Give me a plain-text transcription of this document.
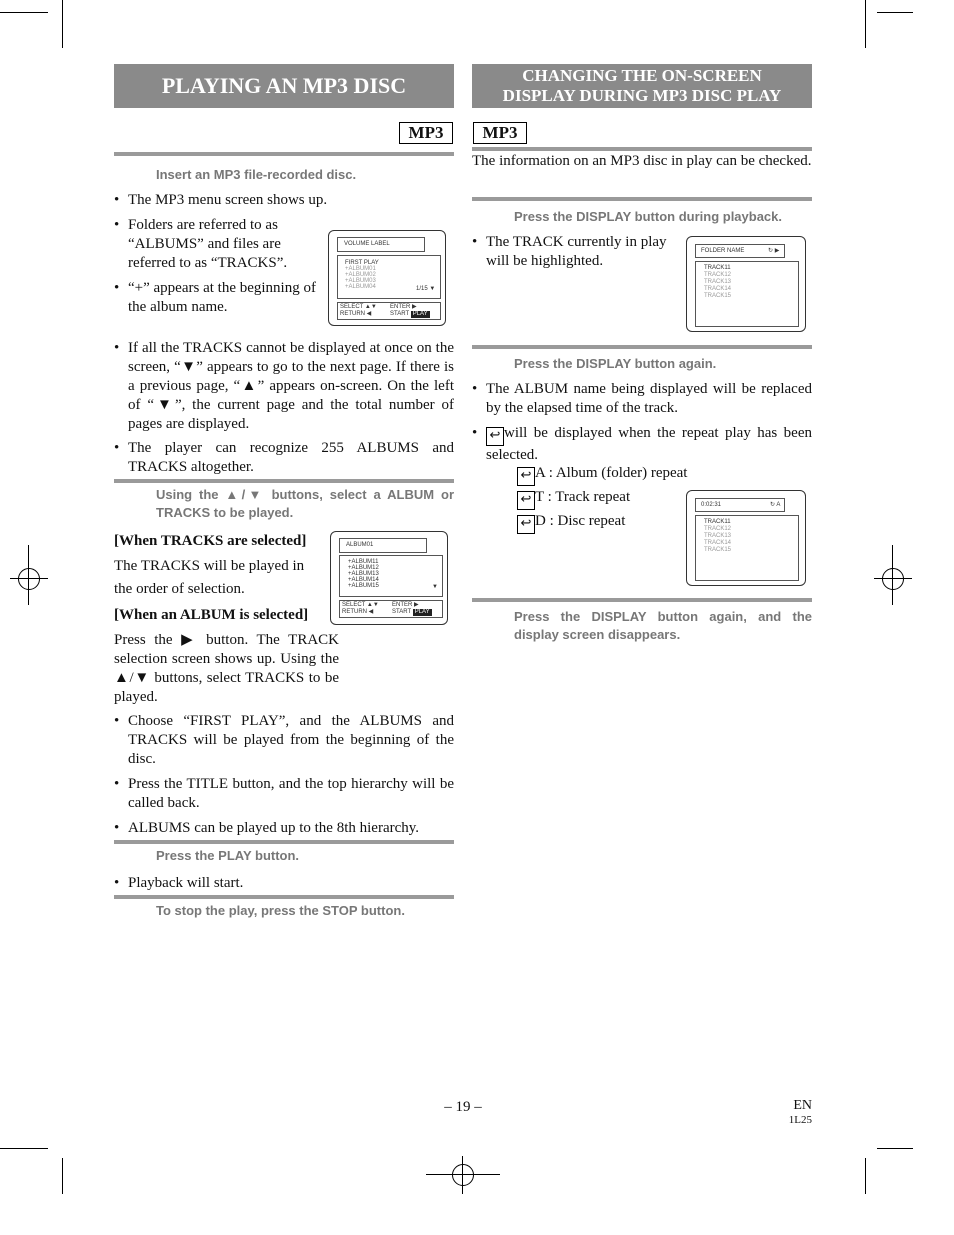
PLAYING AN MP3 DISC
MP3
Insert an MP3 file-recorded disc.
• The MP3 menu screen shows up.
• Folders are referred to as “ALBUMS” and files are referred to as “TRACKS”.
• “+” appears at the beginning of the album name.
VOLUME LABEL
FIRST PLAY
+ALBUM01
+ALBUM02
+ALBUM03
+ALBUM04	1/15 ▼
SELECT ▲▼ ENTER ▶
RETURN ◀	START PLAY
• If all the TRACKS cannot be displayed at once on the screen, “▼” appears to go to the next page. If there is a previous page, “▲” appears on-screen. On the left of “▼”, the current page and the total number of pages are displayed.
• The player can recognize 255 ALBUMS and TRACKS altogether.
Using the ▲/▼ buttons, select a ALBUM or TRACKS to be played.
[When TRACKS are selected]
The TRACKS will be played in the order of selection.
[When an ALBUM is selected]
Press the ▶ button. The TRACK selection screen shows up. Using the ▲/▼ buttons, select TRACKS to be played.
ALBUM01
+ALBUM11
+ALBUM12
+ALBUM13
+ALBUM14
+ALBUM15	▼
SELECT ▲▼ ENTER ▶
RETURN ◀	START PLAY
• Choose “FIRST PLAY”, and the ALBUMS and TRACKS will be played from the beginning of the disc.
• Press the TITLE button, and the top hierarchy will be called back.
• ALBUMS can be played up to the 8th hierarchy.
Press the PLAY button.
• Playback will start.
To stop the play, press the STOP button.
CHANGING THE ON-SCREEN
DISPLAY DURING MP3 DISC PLAY
MP3
The information on an MP3 disc in play can be checked.
Press the DISPLAY button during playback.
• The TRACK currently in play will be highlighted.
FOLDER NAME	↻ ▶
TRACK11
TRACK12
TRACK13
TRACK14
TRACK15
Press the DISPLAY button again.
• The ALBUM name being displayed will be replaced by the elapsed time of the track.
• ↩ will be displayed when the repeat play has been selected.
↩ A : Album (folder) repeat
↩ T : Track repeat
↩ D : Disc repeat
0:02:31	↻ A
TRACK11
TRACK12
TRACK13
TRACK14
TRACK15
Press the DISPLAY button again, and the display screen disappears.
– 19 –	EN
1L25
